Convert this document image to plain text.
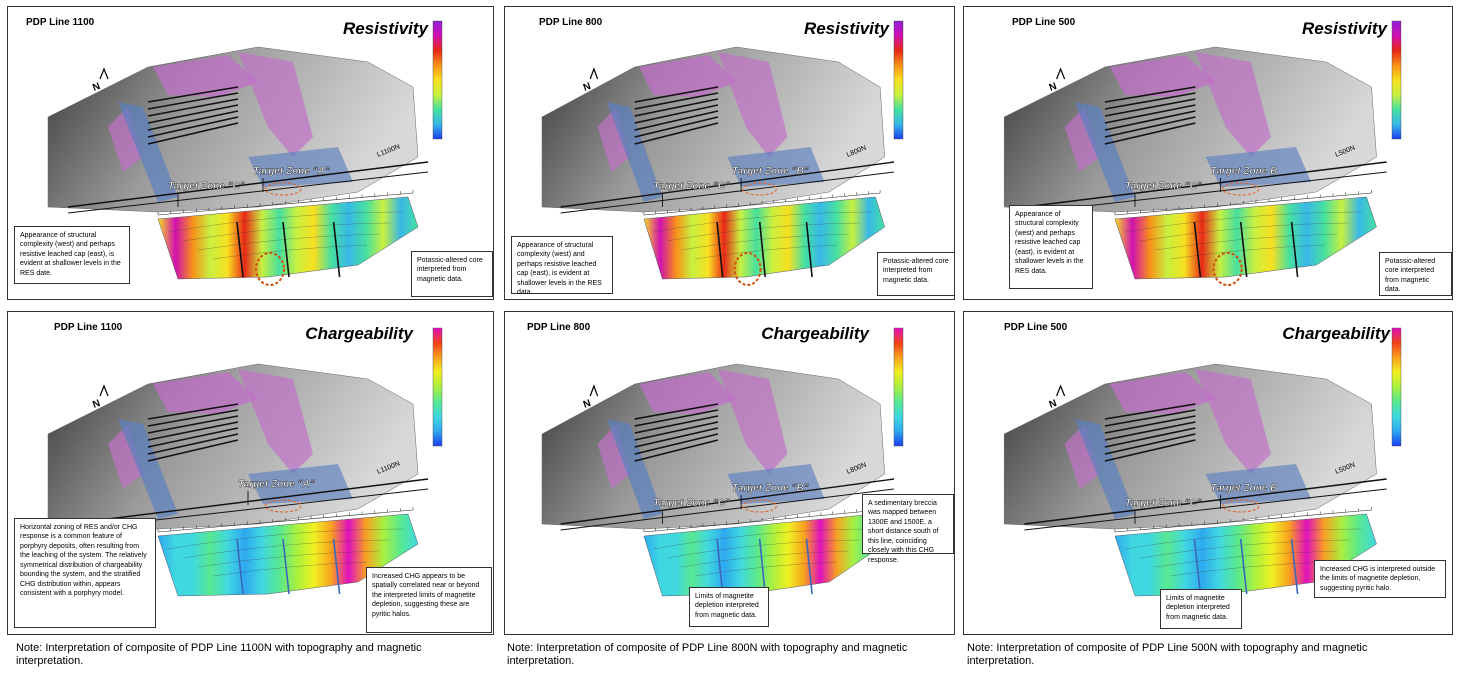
N
L1100N
Target Zone “C”
Target Zone “A”
PDP Line 1100	Resistivity
Appearance of structural complexity (west) and perhaps resistive leached cap (east), is evident at shallower levels in the RES date.
Potassic-altered core interpreted from magnetic data.
N
L800N
Target Zone “C”
Target Zone “B”
PDP Line 800	Resistivity
Appearance of structural complexity (west) and perhaps resistive leached cap (east), is evident at shallower levels in the RES data.
Potassic-altered core interpreted from magnetic data.
N
L500N
Target Zone “C”
Target Zone B
PDP Line 500	Resistivity
Appearance of structural complexity (west) and perhaps resistive leached cap (east), is evident at shallower levels in the RES data.
Potassic-altered core interpreted from magnetic data.
N
L1100N
Target Zone “A”
PDP Line 1100	Chargeability
Horizontal zoning of RES and/or CHG response is a common feature of porphyry deposits, often resulting from the leaching of the system. The relatively symmetrical distribution of chargeability bounding the system, and the stratified CHG distribution within, appears consistent with a porphyry model.
Increased CHG appears to be spatially correlated near or beyond the interpreted limits of magnetite depletion, suggesting these are pyritic halos.
N
L800N
Target Zone “C”
Target Zone “B”
PDP Line 800	Chargeability
A sedimentary breccia was mapped between 1300E and 1500E, a short distance south of this line, coinciding closely with this CHG response.
Limits of magnetite depletion interpreted from magnetic data.
N
L500N
Target Zone “C”
Target Zone B
PDP Line 500	Chargeability
Limits of magnetite depletion interpreted from magnetic data.
Increased CHG is interpreted outside the limits of magnetite depletion, suggesting pyritic halo.
Note: Interpretation of composite of PDP Line 1100N with topography and magnetic interpretation.
Note: Interpretation of composite of PDP Line 800N with topography and magnetic interpretation.
Note: Interpretation of composite of PDP Line 500N with topography and magnetic interpretation.
